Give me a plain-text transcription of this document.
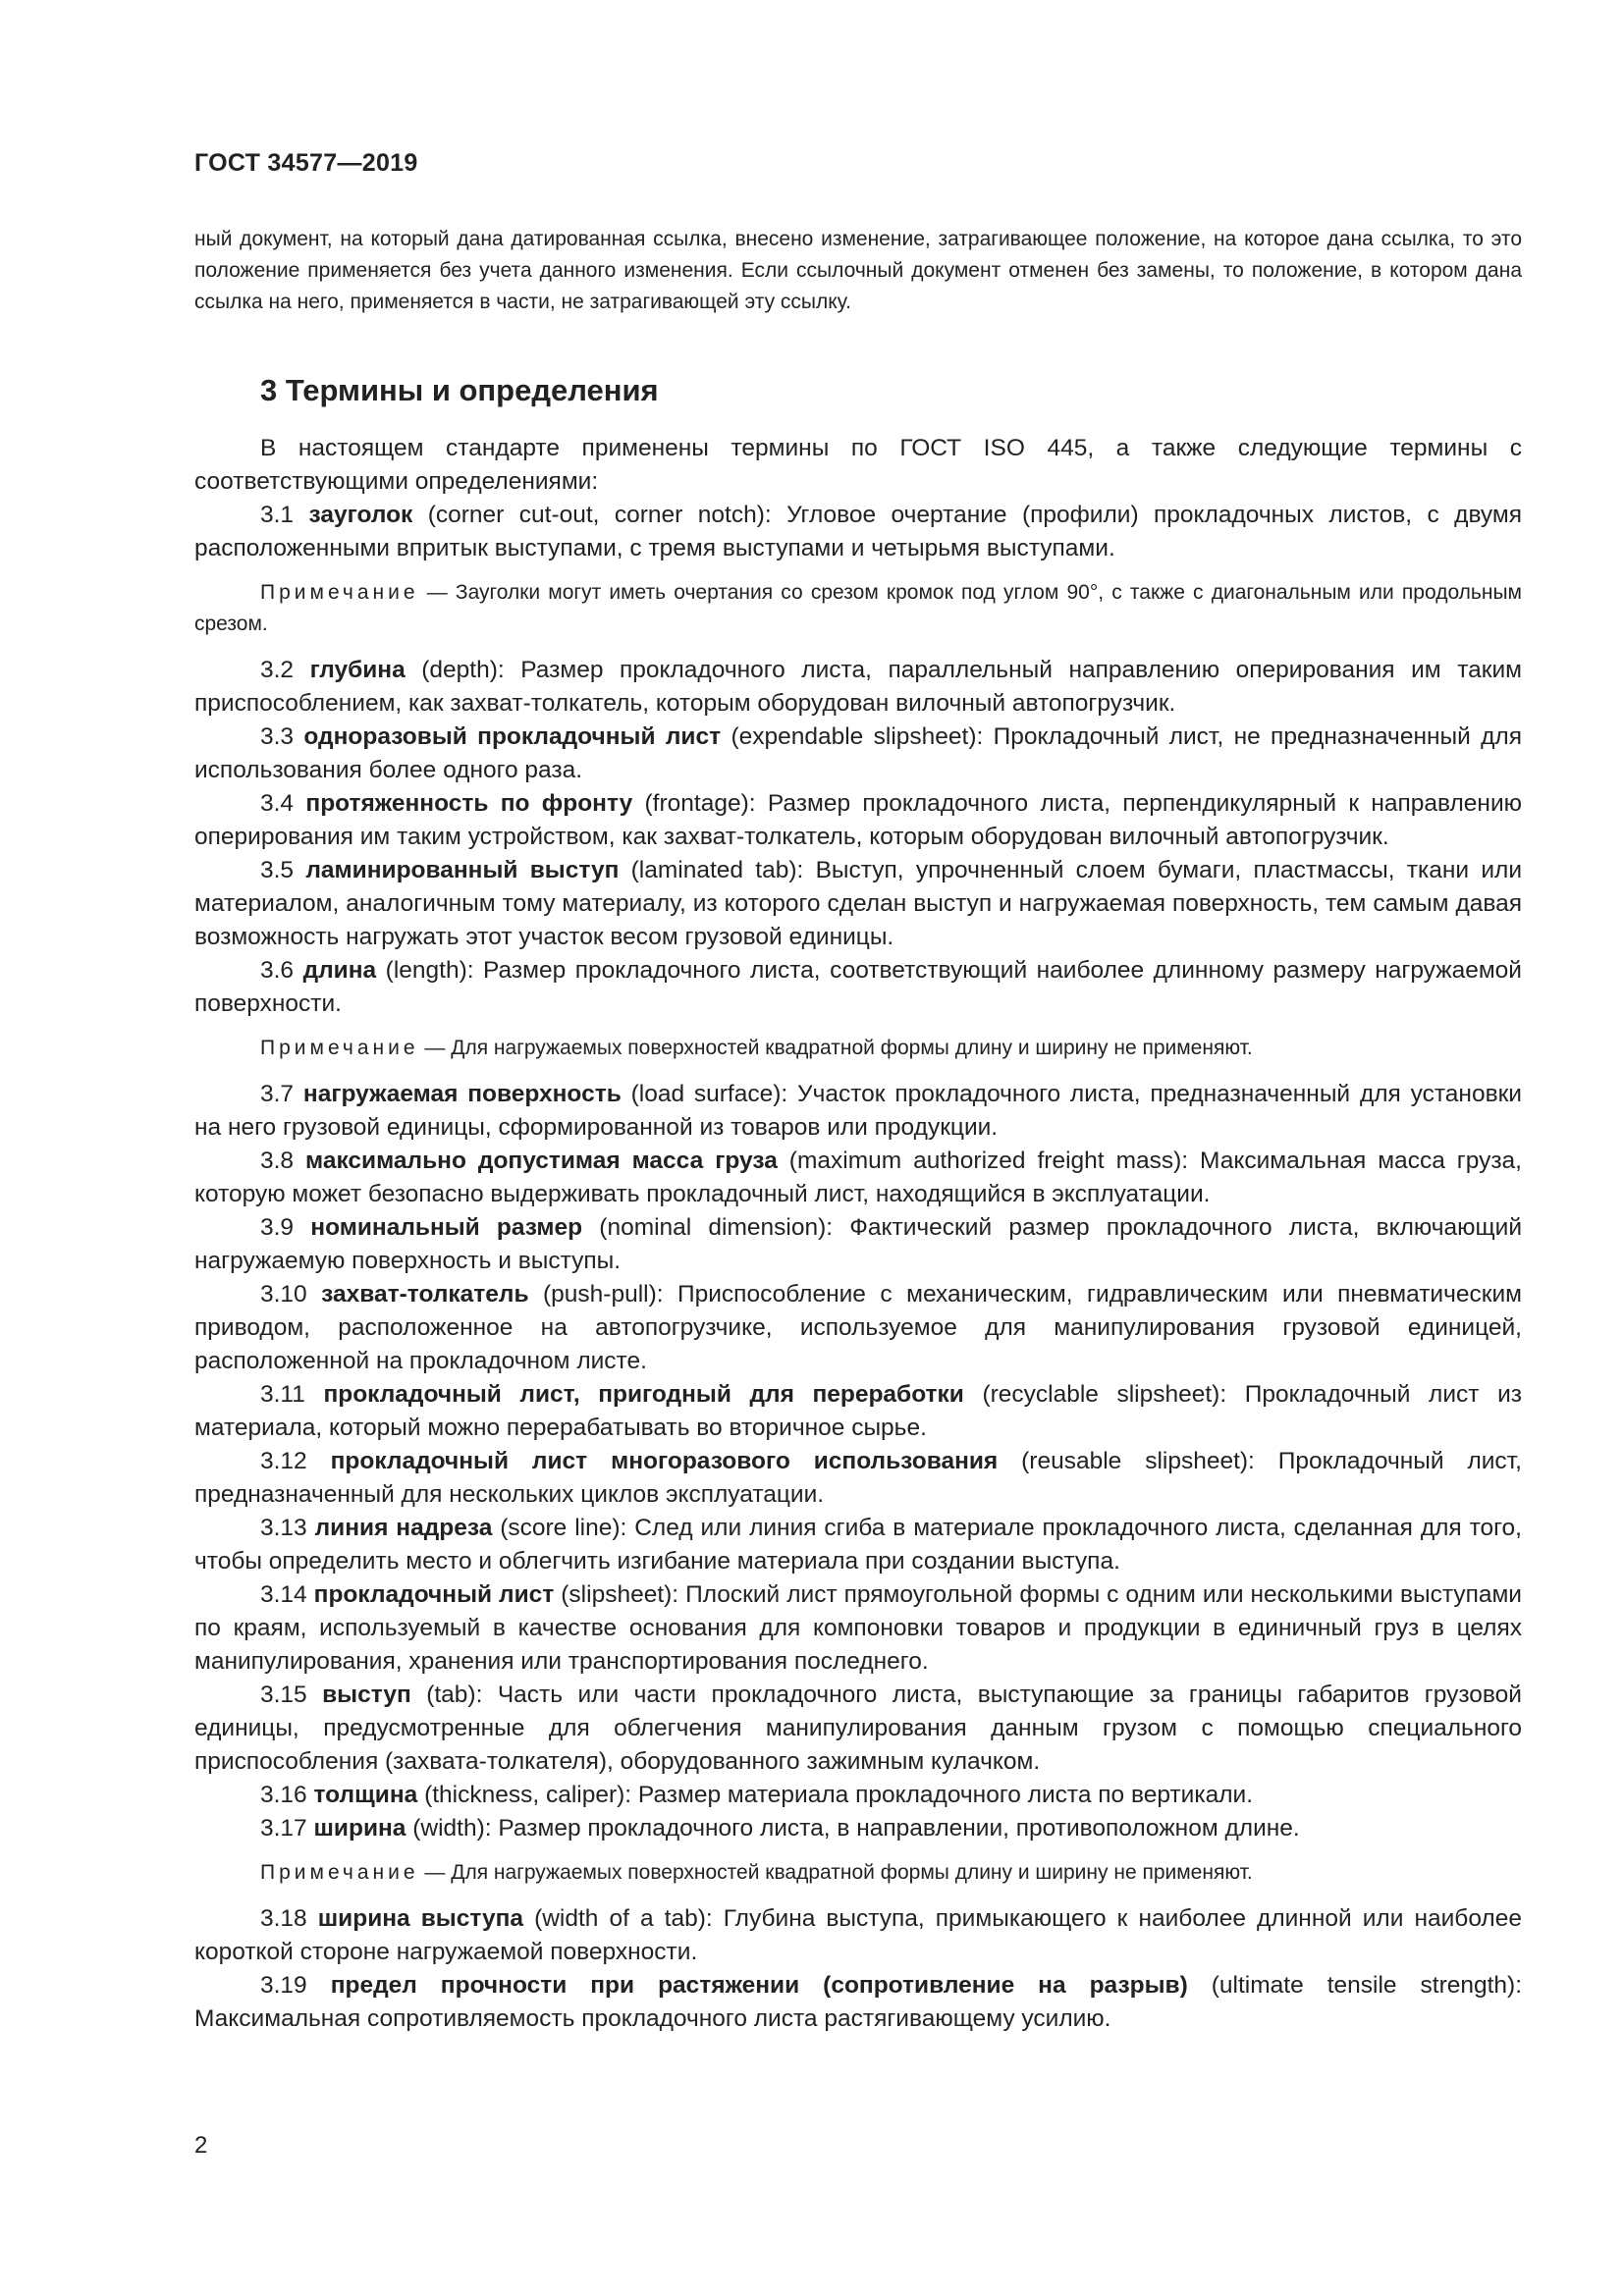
ГОСТ 34577—2019

ный документ, на который дана датированная ссылка, внесено изменение, затрагивающее положение, на которое дана ссылка, то это положение применяется без учета данного изменения. Если ссылочный документ отменен без замены, то положение, в котором дана ссылка на него, применяется в части, не затрагивающей эту ссылку.

3 Термины и определения

В настоящем стандарте применены термины по ГОСТ ISO 445, а также следующие термины с соответствующими определениями:

3.1 зауголок (corner cut-out, corner notch): Угловое очертание (профили) прокладочных листов, с двумя расположенными впритык выступами, с тремя выступами и четырьмя выступами.

Примечание — Зауголки могут иметь очертания со срезом кромок под углом 90°, с также с диагональным или продольным срезом.

3.2 глубина (depth): Размер прокладочного листа, параллельный направлению оперирования им таким приспособлением, как захват-толкатель, которым оборудован вилочный автопогрузчик.

3.3 одноразовый прокладочный лист (expendable slipsheet): Прокладочный лист, не предназначенный для использования более одного раза.

3.4 протяженность по фронту (frontage): Размер прокладочного листа, перпендикулярный к направлению оперирования им таким устройством, как захват-толкатель, которым оборудован вилочный автопогрузчик.

3.5 ламинированный выступ (laminated tab): Выступ, упрочненный слоем бумаги, пластмассы, ткани или материалом, аналогичным тому материалу, из которого сделан выступ и нагружаемая поверхность, тем самым давая возможность нагружать этот участок весом грузовой единицы.

3.6 длина (length): Размер прокладочного листа, соответствующий наиболее длинному размеру нагружаемой поверхности.

Примечание — Для нагружаемых поверхностей квадратной формы длину и ширину не применяют.

3.7 нагружаемая поверхность (load surface): Участок прокладочного листа, предназначенный для установки на него грузовой единицы, сформированной из товаров или продукции.

3.8 максимально допустимая масса груза (maximum authorized freight mass): Максимальная масса груза, которую может безопасно выдерживать прокладочный лист, находящийся в эксплуатации.

3.9 номинальный размер (nominal dimension): Фактический размер прокладочного листа, включающий нагружаемую поверхность и выступы.

3.10 захват-толкатель (push-pull): Приспособление с механическим, гидравлическим или пневматическим приводом, расположенное на автопогрузчике, используемое для манипулирования грузовой единицей, расположенной на прокладочном листе.

3.11 прокладочный лист, пригодный для переработки (recyclable slipsheet): Прокладочный лист из материала, который можно перерабатывать во вторичное сырье.

3.12 прокладочный лист многоразового использования (reusable slipsheet): Прокладочный лист, предназначенный для нескольких циклов эксплуатации.

3.13 линия надреза (score line): След или линия сгиба в материале прокладочного листа, сделанная для того, чтобы определить место и облегчить изгибание материала при создании выступа.

3.14 прокладочный лист (slipsheet): Плоский лист прямоугольной формы с одним или несколькими выступами по краям, используемый в качестве основания для компоновки товаров и продукции в единичный груз в целях манипулирования, хранения или транспортирования последнего.

3.15 выступ (tab): Часть или части прокладочного листа, выступающие за границы габаритов грузовой единицы, предусмотренные для облегчения манипулирования данным грузом с помощью специального приспособления (захвата-толкателя), оборудованного зажимным кулачком.

3.16 толщина (thickness, caliper): Размер материала прокладочного листа по вертикали.

3.17 ширина (width): Размер прокладочного листа, в направлении, противоположном длине.

Примечание — Для нагружаемых поверхностей квадратной формы длину и ширину не применяют.

3.18 ширина выступа (width of a tab): Глубина выступа, примыкающего к наиболее длинной или наиболее короткой стороне нагружаемой поверхности.

3.19 предел прочности при растяжении (сопротивление на разрыв) (ultimate tensile strength): Максимальная сопротивляемость прокладочного листа растягивающему усилию.

2
